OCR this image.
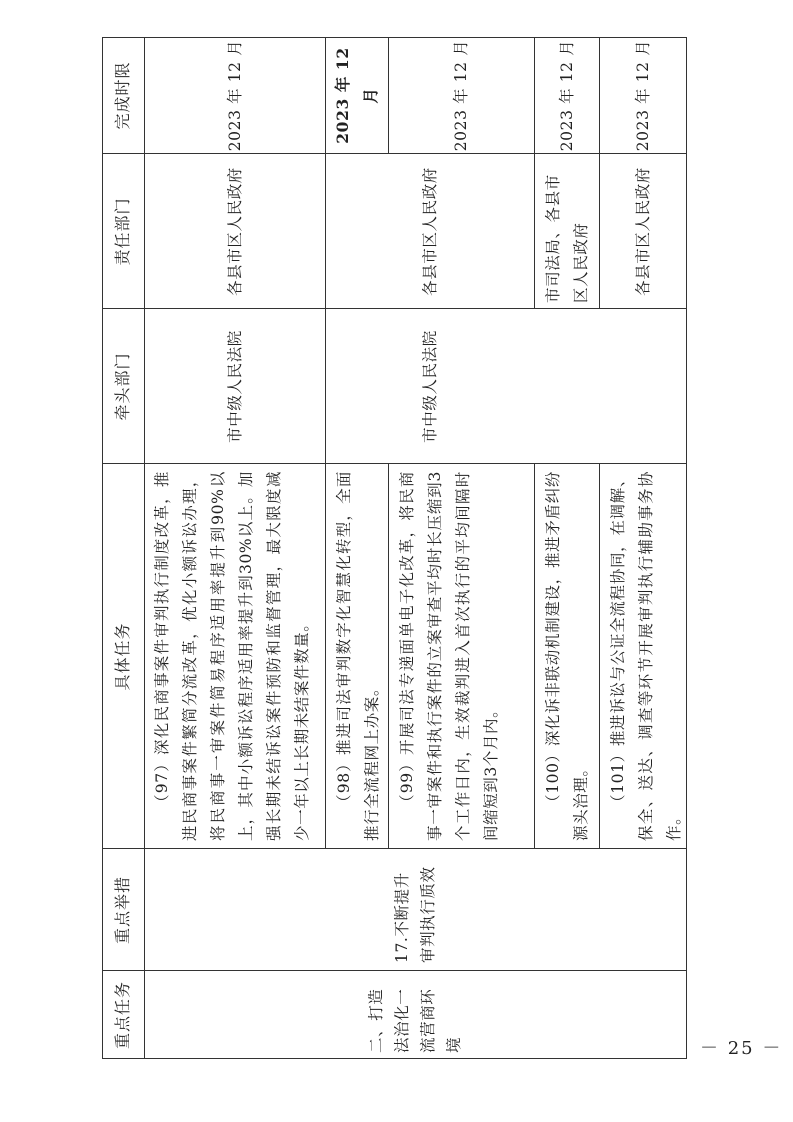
重点任务
重点举措
具体任务
牵头部门
责任部门
完成时限
二、打造法治化一流营商环境
17.不断提升审判执行质效

（97）深化民商事案件审判执行制度改革，推进民商事案件繁简分流改革，优化小额诉讼办理，将民商事一审案件简易程序适用率提升到90%以上，其中小额诉讼程序适用率提升到30%以上。加强长期未结诉讼案件预防和监督管理，最大限度减少一年以上长期未结案件数量。

市中级人民法院
各县市区人民政府
2023 年 12 月

（98）推进司法审判数字化智慧化转型，全面推行全流程网上办案。

市中级人民法院
各县市区人民政府
2023 年 12 月

（99）开展司法专递面单电子化改革，将民商事一审案件和执行案件的立案审查平均时长压缩到3个工作日内，生效裁判进入首次执行的平均间隔时间缩短到3个月内。

2023 年 12 月

（100）深化诉非联动机制建设，推进矛盾纠纷源头治理。

市司法局、各县市区人民政府
2023 年 12 月

（101）推进诉讼与公证全流程协同，在调解、保全、送达、调查等环节开展审判执行辅助事务协作。

各县市区人民政府
2023 年 12 月
－ 25 －
